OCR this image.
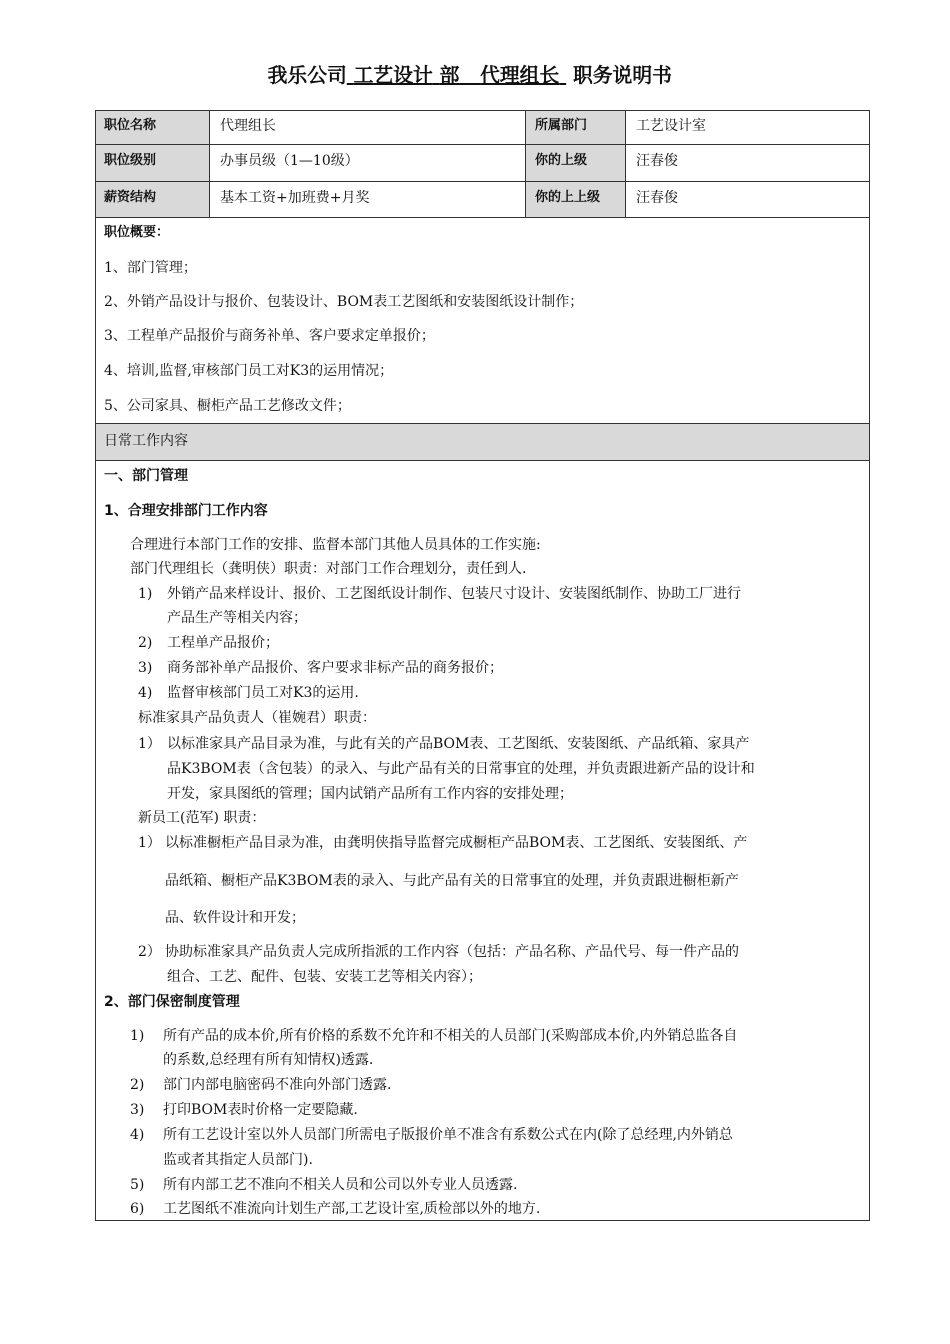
我乐公司 工艺设计 部 代理组长 职务说明书
职位名称	代理组长	所属部门	工艺设计室
职位级别	办事员级（1—10级）	你的上级	汪春俊
薪资结构	基本工资+加班费+月奖	你的上上级	汪春俊
职位概要：
1、部门管理；
2、外销产品设计与报价、包装设计、BOM表工艺图纸和安装图纸设计制作；
3、工程单产品报价与商务补单、客户要求定单报价；
4、培训,监督,审核部门员工对K3的运用情况；
5、公司家具、橱柜产品工艺修改文件；
日常工作内容
一、部门管理
1、合理安排部门工作内容
合理进行本部门工作的安排、监督本部门其他人员具体的工作实施:
部门代理组长（龚明侠）职责：对部门工作合理划分，责任到人.
1) 外销产品来样设计、报价、工艺图纸设计制作、包装尺寸设计、安装图纸制作、协助工厂进行
产品生产等相关内容；
2) 工程单产品报价；
3) 商务部补单产品报价、客户要求非标产品的商务报价；
4) 监督审核部门员工对K3的运用.
标准家具产品负责人（崔婉君）职责：
1） 以标准家具产品目录为准，与此有关的产品BOM表、工艺图纸、安装图纸、产品纸箱、家具产
品K3BOM表（含包装）的录入、与此产品有关的日常事宜的处理，并负责跟进新产品的设计和
开发，家具图纸的管理；国内试销产品所有工作内容的安排处理；
新员工(范军) 职责：
1） 以标准橱柜产品目录为准，由龚明侠指导监督完成橱柜产品BOM表、工艺图纸、安装图纸、产
品纸箱、橱柜产品K3BOM表的录入、与此产品有关的日常事宜的处理，并负责跟进橱柜新产
品、软件设计和开发；
2） 协助标准家具产品负责人完成所指派的工作内容（包括：产品名称、产品代号、每一件产品的
组合、工艺、配件、包装、安装工艺等相关内容）；
2、部门保密制度管理
1) 所有产品的成本价,所有价格的系数不允许和不相关的人员部门(采购部成本价,内外销总监各自
的系数,总经理有所有知情权)透露.
2) 部门内部电脑密码不准向外部门透露.
3) 打印BOM表时价格一定要隐藏.
4) 所有工艺设计室以外人员部门所需电子版报价单不准含有系数公式在内(除了总经理,内外销总
监或者其指定人员部门).
5) 所有内部工艺不准向不相关人员和公司以外专业人员透露.
6) 工艺图纸不准流向计划生产部,工艺设计室,质检部以外的地方.
